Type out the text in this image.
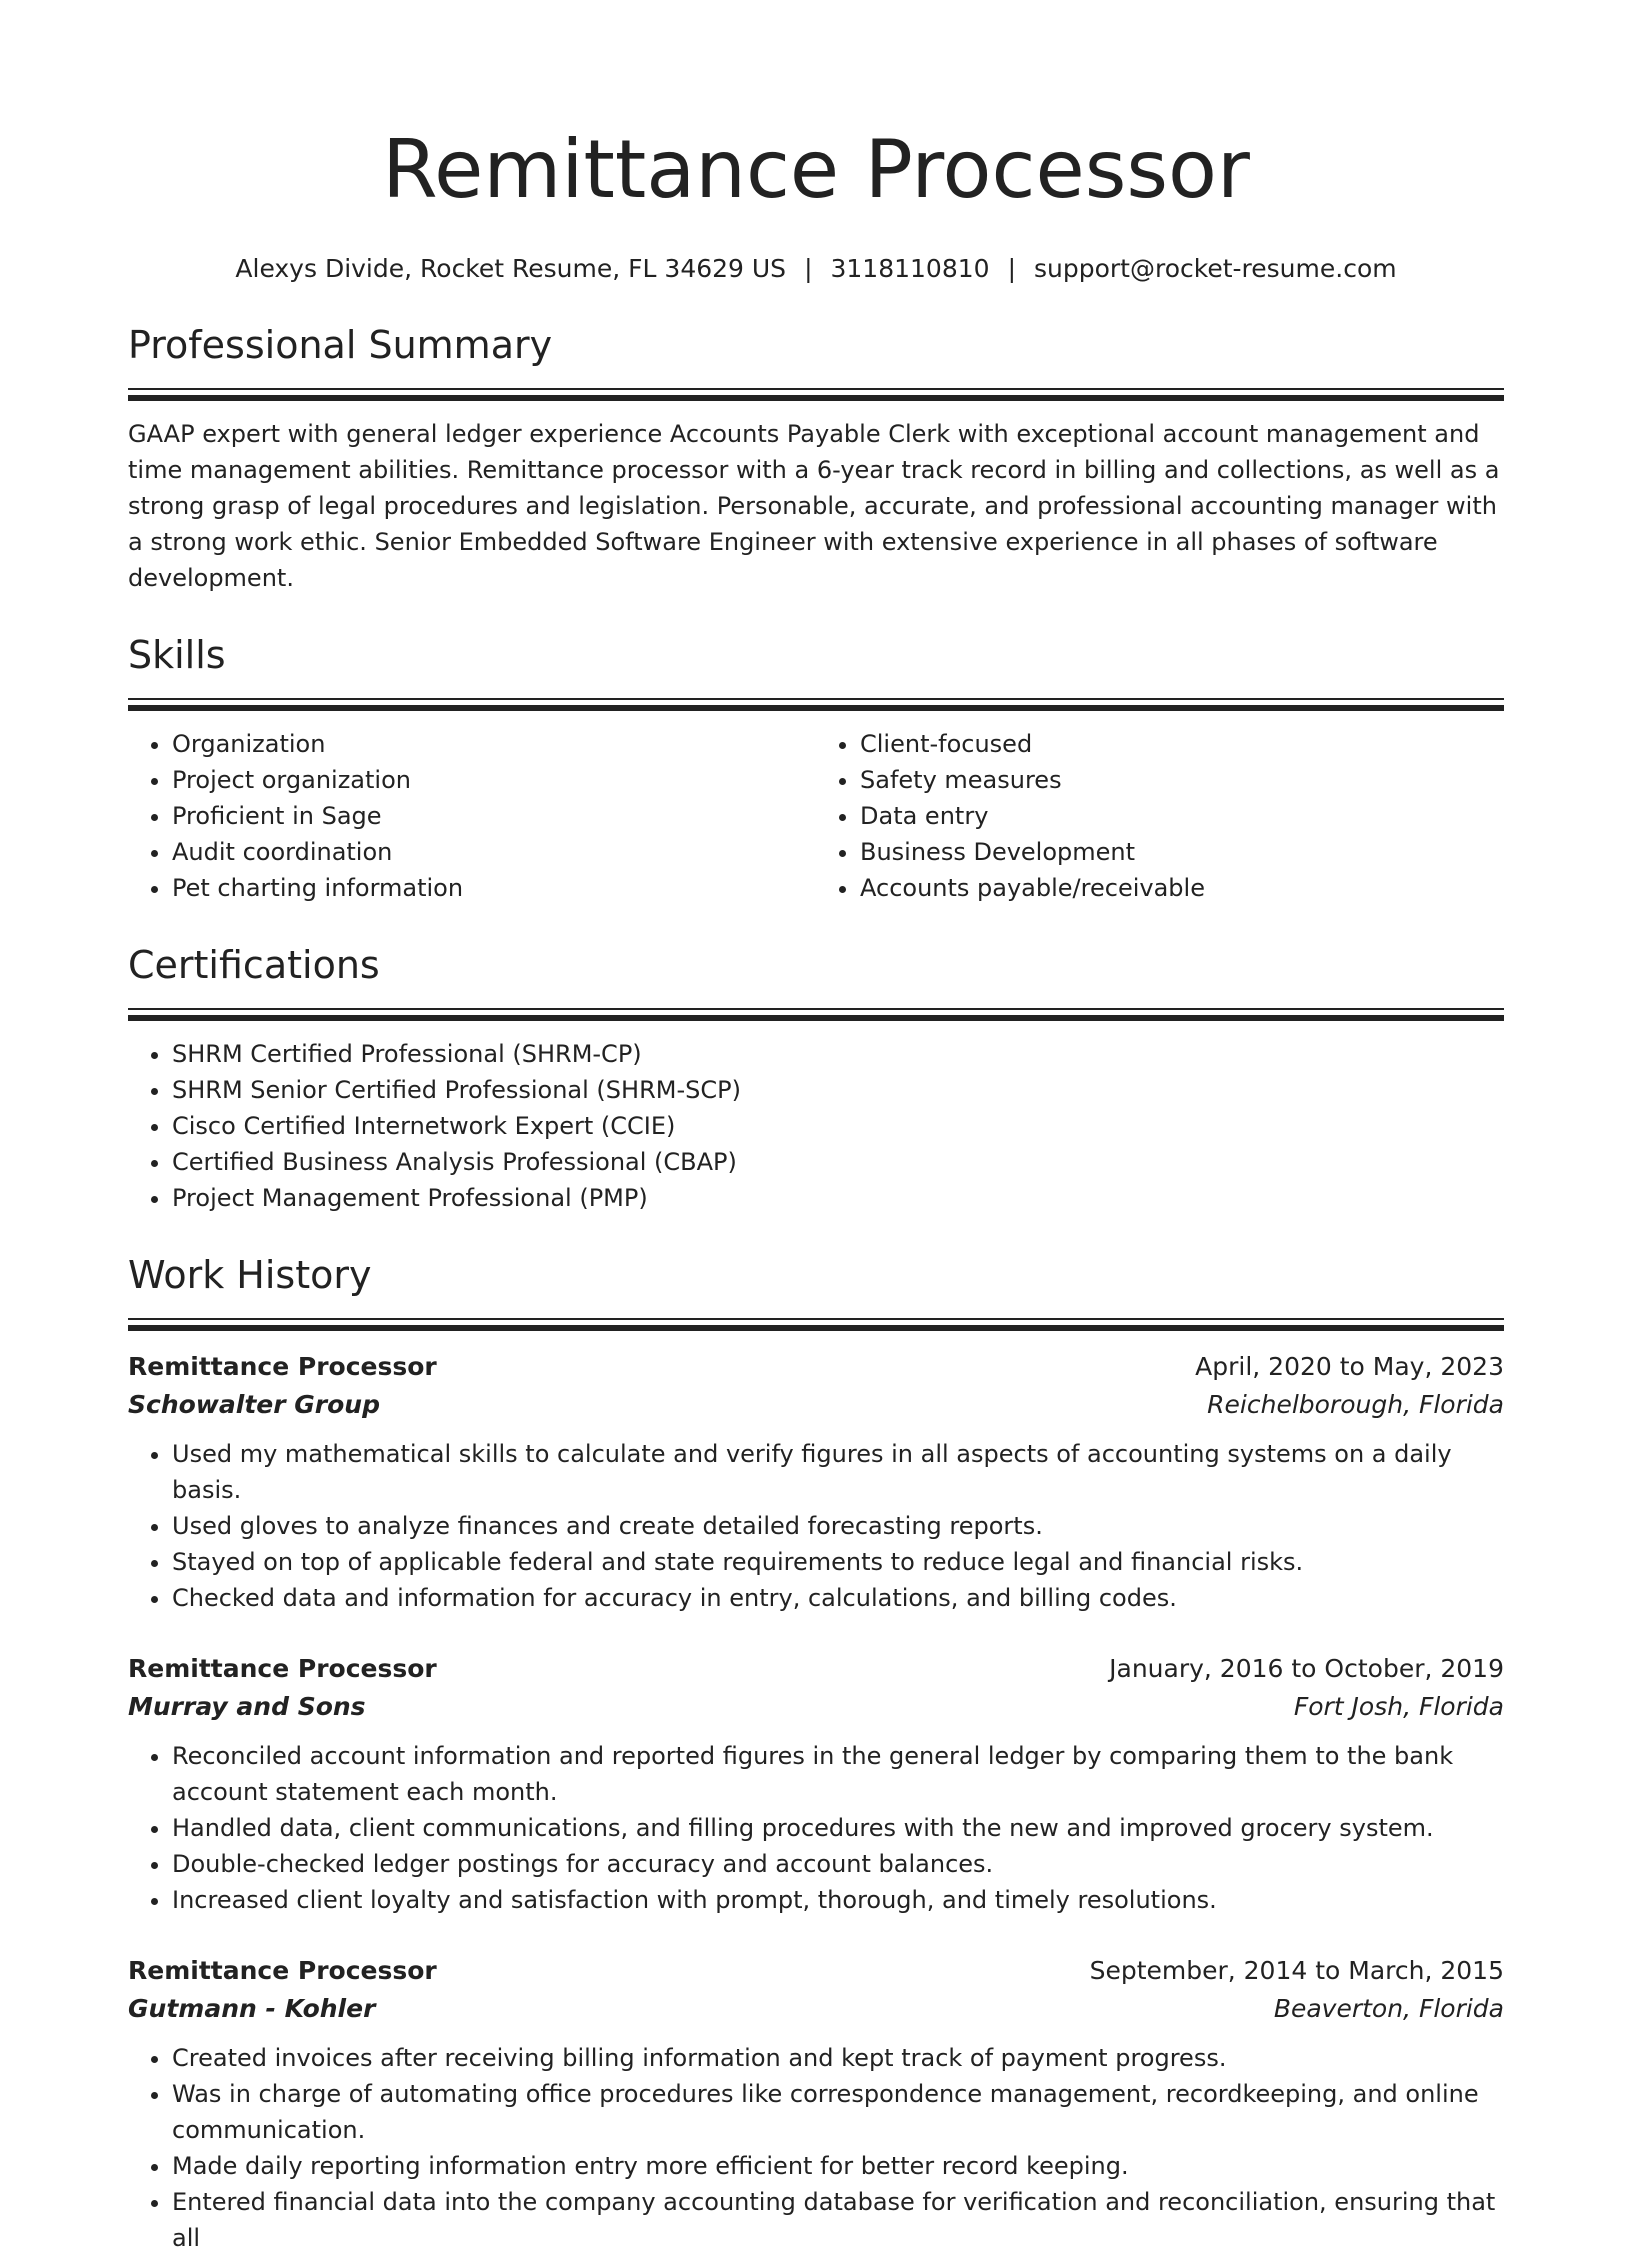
Remittance Processor
Alexys Divide, Rocket Resume, FL 34629 US | 3118110810 | support@rocket-resume.com
Professional Summary

GAAP expert with general ledger experience Accounts Payable Clerk with exceptional account management and time management abilities. Remittance processor with a 6-year track record in billing and collections, as well as a strong grasp of legal procedures and legislation. Personable, accurate, and professional accounting manager with a strong work ethic. Senior Embedded Software Engineer with extensive experience in all phases of software development.

Skills
• Organization
• Project organization
• Proficient in Sage
• Audit coordination
• Pet charting information
• Client-focused
• Safety measures
• Data entry
• Business Development
• Accounts payable/receivable
Certifications
• SHRM Certified Professional (SHRM-CP)
• SHRM Senior Certified Professional (SHRM-SCP)
• Cisco Certified Internetwork Expert (CCIE)
• Certified Business Analysis Professional (CBAP)
• Project Management Professional (PMP)
Work History
Remittance Processor	April, 2020 to May, 2023
Schowalter Group	Reichelborough, Florida
• Used my mathematical skills to calculate and verify figures in all aspects of accounting systems on a daily basis.
• Used gloves to analyze finances and create detailed forecasting reports.
• Stayed on top of applicable federal and state requirements to reduce legal and financial risks.
• Checked data and information for accuracy in entry, calculations, and billing codes.
Remittance Processor	January, 2016 to October, 2019
Murray and Sons	Fort Josh, Florida
• Reconciled account information and reported figures in the general ledger by comparing them to the bank account statement each month.
• Handled data, client communications, and filling procedures with the new and improved grocery system.
• Double-checked ledger postings for accuracy and account balances.
• Increased client loyalty and satisfaction with prompt, thorough, and timely resolutions.
Remittance Processor	September, 2014 to March, 2015
Gutmann - Kohler	Beaverton, Florida
• Created invoices after receiving billing information and kept track of payment progress.
• Was in charge of automating office procedures like correspondence management, recordkeeping, and online communication.
• Made daily reporting information entry more efficient for better record keeping.
• Entered financial data into the company accounting database for verification and reconciliation, ensuring that all
